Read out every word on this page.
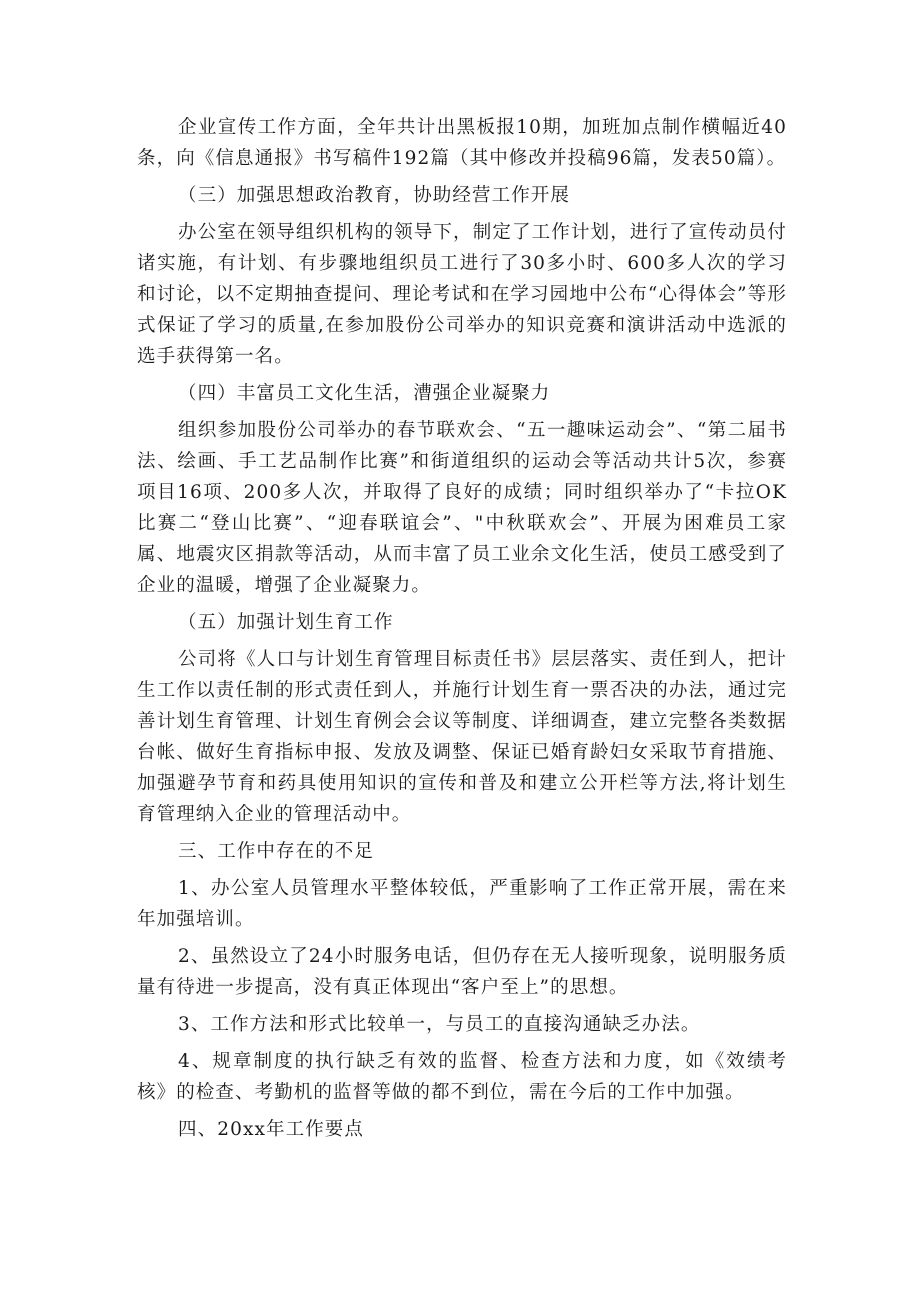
企业宣传工作方面，全年共计出黑板报10期，加班加点制作横幅近40条，向《信息通报》书写稿件192篇（其中修改并投稿96篇，发表50篇）。

（三）加强思想政治教育，协助经营工作开展

办公室在领导组织机构的领导下，制定了工作计划，进行了宣传动员付诸实施，有计划、有步骤地组织员工进行了30多小时、600多人次的学习和讨论，以不定期抽查提问、理论考试和在学习园地中公布“心得体会”等形式保证了学习的质量,在参加股份公司举办的知识竞赛和演讲活动中选派的选手获得第一名。

（四）丰富员工文化生活，漕强企业凝聚力

组织参加股份公司举办的春节联欢会、“五一趣味运动会”、“第二届书法、绘画、手工艺品制作比赛”和街道组织的运动会等活动共计5次，参赛项目16项、200多人次，并取得了良好的成绩；同时组织举办了“卡拉OK比赛二“登山比赛”、“迎春联谊会”、"中秋联欢会”、开展为困难员工家属、地震灾区捐款等活动，从而丰富了员工业余文化生活，使员工感受到了企业的温暖，增强了企业凝聚力。

（五）加强计划生育工作

公司将《人口与计划生育管理目标责任书》层层落实、责任到人，把计生工作以责任制的形式责任到人，并施行计划生育一票否决的办法，通过完善计划生育管理、计划生育例会会议等制度、详细调查，建立完整各类数据台帐、做好生育指标申报、发放及调整、保证已婚育龄妇女采取节育措施、加强避孕节育和药具使用知识的宣传和普及和建立公开栏等方法,将计划生育管理纳入企业的管理活动中。

三、工作中存在的不足

1、办公室人员管理水平整体较低，严重影响了工作正常开展，需在来年加强培训。

2、虽然设立了24小时服务电话，但仍存在无人接听现象，说明服务质量有待进一步提高，没有真正体现出“客户至上”的思想。

3、工作方法和形式比较单一，与员工的直接沟通缺乏办法。

4、规章制度的执行缺乏有效的监督、检查方法和力度，如《效绩考核》的检查、考勤机的监督等做的都不到位，需在今后的工作中加强。

四、20xx年工作要点
